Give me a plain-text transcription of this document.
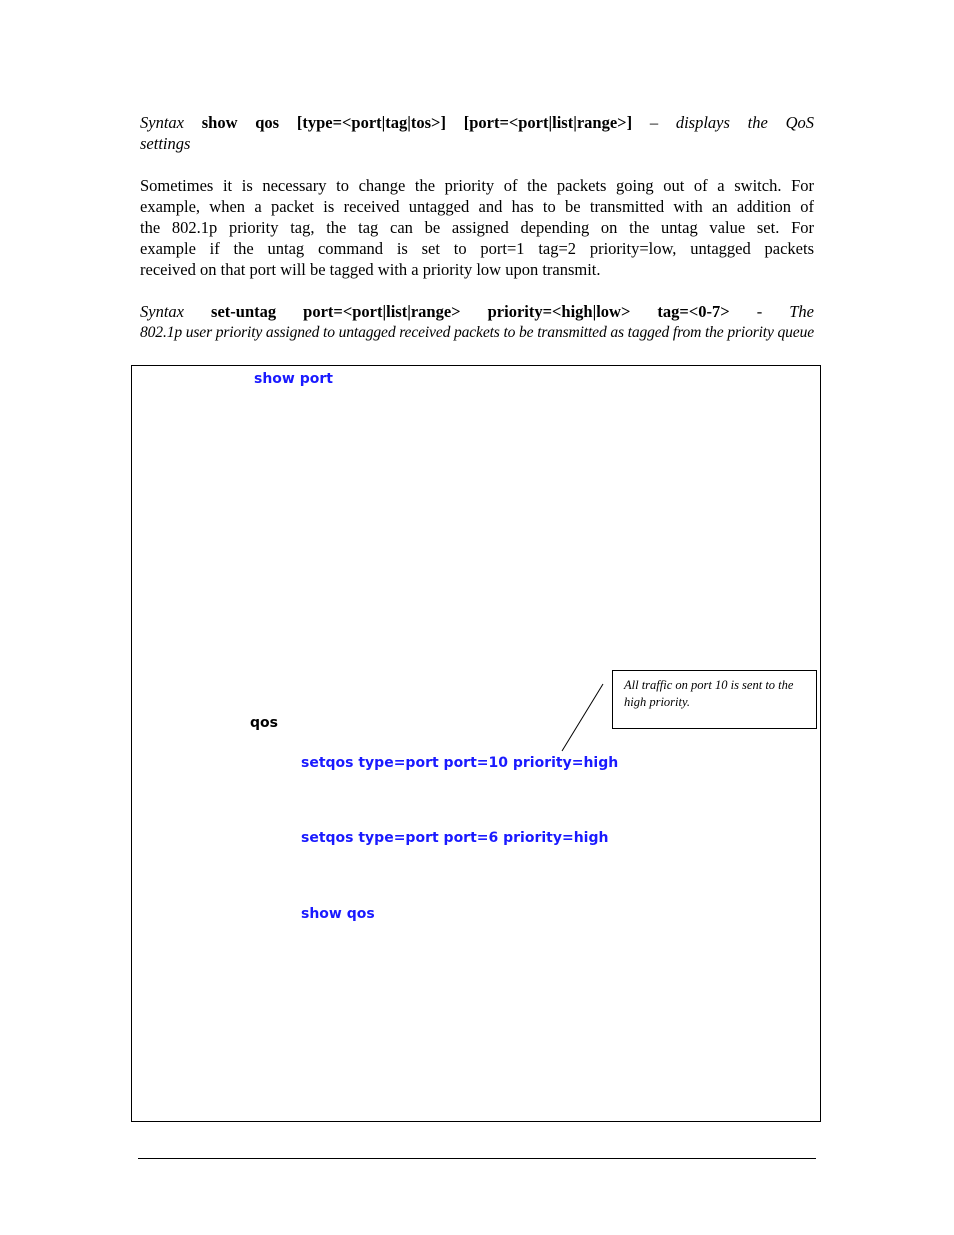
Syntax show qos [type=<port|tag|tos>] [port=<port|list|range>] – displays the QoS
settings
Sometimes it is necessary to change the priority of the packets going out of a switch. For
example, when a packet is received untagged and has to be transmitted with an addition of
the 802.1p priority tag, the tag can be assigned depending on the untag value set. For
example if the untag command is set to port=1 tag=2 priority=low, untagged packets
received on that port will be tagged with a priority low upon transmit.
Syntax set-untag port=<port|list|range> priority=<high|low> tag=<0-7> - The
802.1p user priority assigned to untagged received packets to be transmitted as tagged from the priority queue
show port
qos
setqos type=port port=10 priority=high
setqos type=port port=6 priority=high
show qos
All traffic on port 10 is sent to the high priority.
